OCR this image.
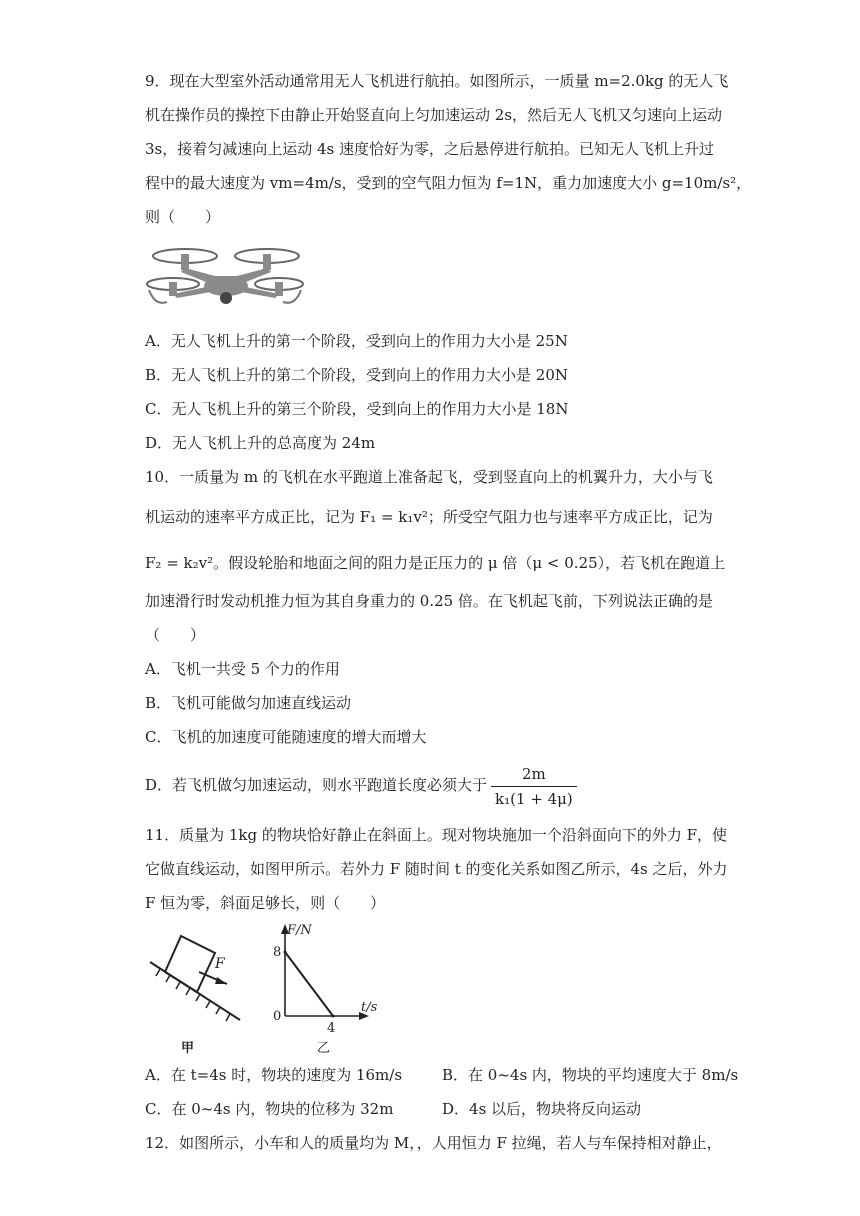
9．现在大型室外活动通常用无人飞机进行航拍。如图所示，一质量 m=2.0kg 的无人飞
机在操作员的操控下由静止开始竖直向上匀加速运动 2s，然后无人飞机又匀速向上运动
3s，接着匀减速向上运动 4s 速度恰好为零，之后悬停进行航拍。已知无人飞机上升过
程中的最大速度为 vm=4m/s，受到的空气阻力恒为 f=1N，重力加速度大小 g=10m/s²，
则（　　）
A．无人飞机上升的第一个阶段，受到向上的作用力大小是 25N
B．无人飞机上升的第二个阶段，受到向上的作用力大小是 20N
C．无人飞机上升的第三个阶段，受到向上的作用力大小是 18N
D．无人飞机上升的总高度为 24m
10．一质量为 m 的飞机在水平跑道上准备起飞，受到竖直向上的机翼升力，大小与飞
机运动的速率平方成正比，记为 F₁ = k₁v²；所受空气阻力也与速率平方成正比，记为
F₂ = k₂v²。假设轮胎和地面之间的阻力是正压力的 μ 倍（μ < 0.25），若飞机在跑道上
加速滑行时发动机推力恒为其自身重力的 0.25 倍。在飞机起飞前，下列说法正确的是
（　　）
A．飞机一共受 5 个力的作用
B．飞机可能做匀加速直线运动
C．飞机的加速度可能随速度的增大而增大
D．若飞机做匀加速运动，则水平跑道长度必须大于 $\frac{2m}{\text{k₁(1 + 4μ)}}$
11．质量为 1kg 的物块恰好静止在斜面上。现对物块施加一个沿斜面向下的外力 F，使
它做直线运动，如图甲所示。若外力 F 随时间 t 的变化关系如图乙所示，4s 之后，外力
F 恒为零，斜面足够长，则（　　）
F
甲
F/N
t/s
0
8
4
乙
A．在 t=4s 时，物块的速度为 16m/s	B．在 0~4s 内，物块的平均速度大于 8m/s
C．在 0~4s 内，物块的位移为 32m	D．4s 以后，物块将反向运动
12．如图所示，小车和人的质量均为 M，，人用恒力 F 拉绳，若人与车保持相对静止，
